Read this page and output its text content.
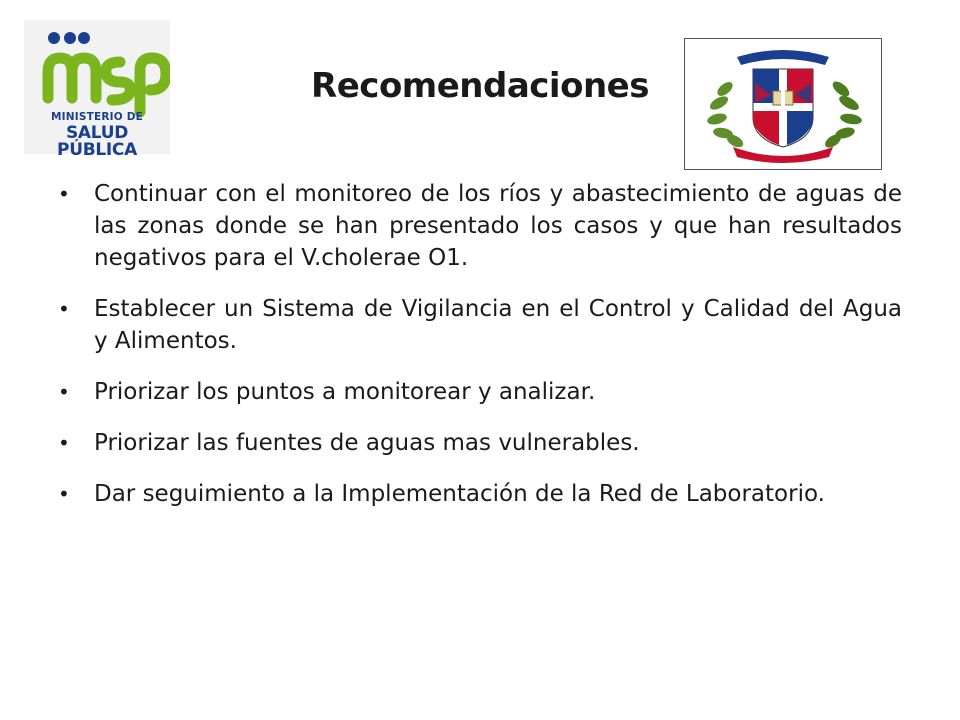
MINISTERIO DE
SALUD PÚBLICA
Recomendaciones
• Continuar con el monitoreo de los ríos y abastecimiento de aguas de las zonas donde se han presentado los casos y que han resultados negativos para el V.cholerae O1.
• Establecer un Sistema de Vigilancia en el Control y Calidad del Agua y Alimentos.
• Priorizar los puntos a monitorear y analizar.
• Priorizar las fuentes de aguas mas vulnerables.
• Dar seguimiento a la Implementación de la Red de Laboratorio.
